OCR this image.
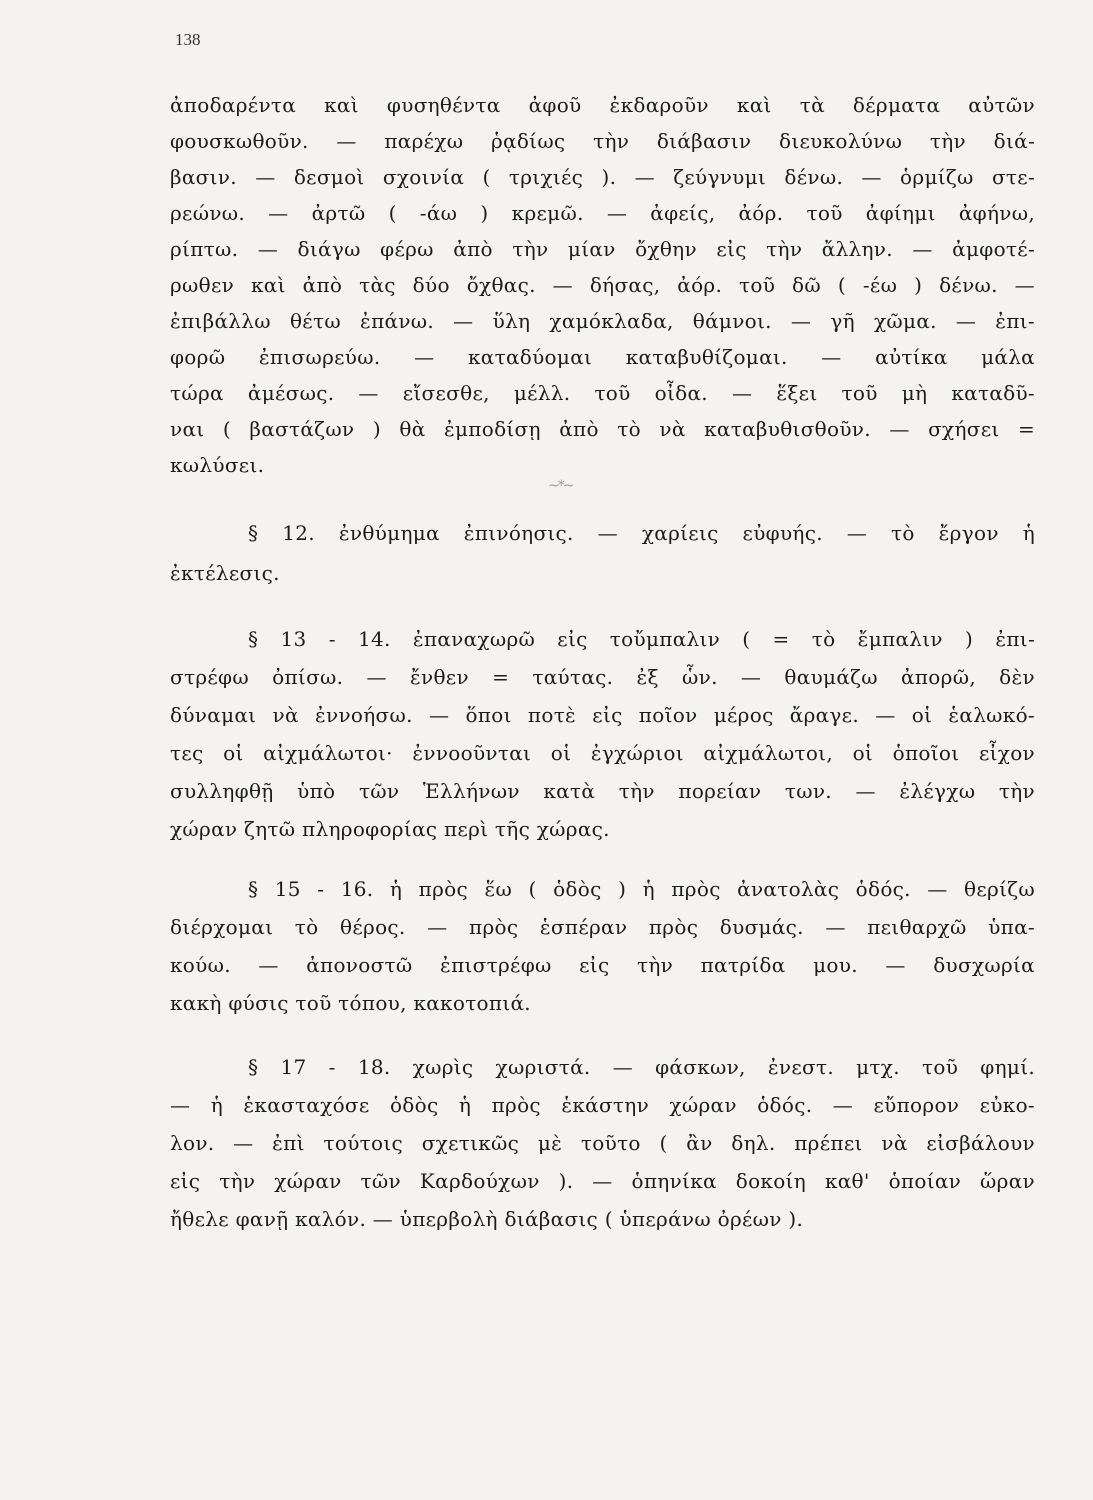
138
ἀποδαρέντα καὶ φυσηθέντα ἀφοῦ ἐκδαροῦν καὶ τὰ δέρματα αὐτῶν
φουσκωθοῦν. — παρέχω ῥᾳδίως τὴν διάβασιν διευκολύνω τὴν διά-
βασιν. — δεσμοὶ σχοινία ( τριχιές ). — ζεύγνυμι δένω. — ὁρμίζω στε-
ρεώνω. — ἀρτῶ ( -άω ) κρεμῶ. — ἀφείς, ἀόρ. τοῦ ἀφίημι ἀφήνω,
ρίπτω. — διάγω φέρω ἀπὸ τὴν μίαν ὄχθην εἰς τὴν ἄλλην. — ἀμφοτέ-
ρωθεν καὶ ἀπὸ τὰς δύο ὄχθας. — δήσας, ἀόρ. τοῦ δῶ ( -έω ) δένω. —
ἐπιβάλλω θέτω ἐπάνω. — ὕλη χαμόκλαδα, θάμνοι. — γῆ χῶμα. — ἐπι-
φορῶ ἐπισωρεύω. — καταδύομαι καταβυθίζομαι. — αὐτίκα μάλα
τώρα ἀμέσως. — εἴσεσθε, μέλλ. τοῦ οἶδα. — ἕξει τοῦ μὴ καταδῦ-
ναι ( βαστάζων ) θὰ ἐμποδίσῃ ἀπὸ τὸ νὰ καταβυθισθοῦν. — σχήσει =
κωλύσει.
~*~
§ 12. ἐνθύμημα ἐπινόησις. — χαρίεις εὐφυής. — τὸ ἔργον ἡ
ἐκτέλεσις.
§ 13 - 14. ἐπαναχωρῶ εἰς τοὔμπαλιν ( = τὸ ἔμπαλιν ) ἐπι-
στρέφω ὀπίσω. — ἔνθεν = ταύτας. ἐξ ὧν. — θαυμάζω ἀπορῶ, δὲν
δύναμαι νὰ ἐννοήσω. — ὅποι ποτὲ εἰς ποῖον μέρος ἄραγε. — οἱ ἑαλωκό-
τες οἱ αἰχμάλωτοι· ἐννοοῦνται οἱ ἐγχώριοι αἰχμάλωτοι, οἱ ὁποῖοι εἶχον
συλληφθῇ ὑπὸ τῶν Ἑλλήνων κατὰ τὴν πορείαν των. — ἐλέγχω τὴν
χώραν ζητῶ πληροφορίας περὶ τῆς χώρας.
§ 15 - 16. ἡ πρὸς ἕω ( ὁδὸς ) ἡ πρὸς ἀνατολὰς ὁδός. — θερίζω
διέρχομαι τὸ θέρος. — πρὸς ἑσπέραν πρὸς δυσμάς. — πειθαρχῶ ὑπα-
κούω. — ἀπονοστῶ ἐπιστρέφω εἰς τὴν πατρίδα μου. — δυσχωρία
κακὴ φύσις τοῦ τόπου, κακοτοπιά.
§ 17 - 18. χωρὶς χωριστά. — φάσκων, ἐνεστ. μτχ. τοῦ φημί.
— ἡ ἑκασταχόσε ὁδὸς ἡ πρὸς ἑκάστην χώραν ὁδός. — εὔπορον εὐκο-
λον. — ἐπὶ τούτοις σχετικῶς μὲ τοῦτο ( ἂν δηλ. πρέπει νὰ εἰσβάλουν
εἰς τὴν χώραν τῶν Καρδούχων ). — ὁπηνίκα δοκοίη καθ' ὁποίαν ὥραν
ἤθελε φανῇ καλόν. — ὑπερβολὴ διάβασις ( ὑπεράνω ὀρέων ).
